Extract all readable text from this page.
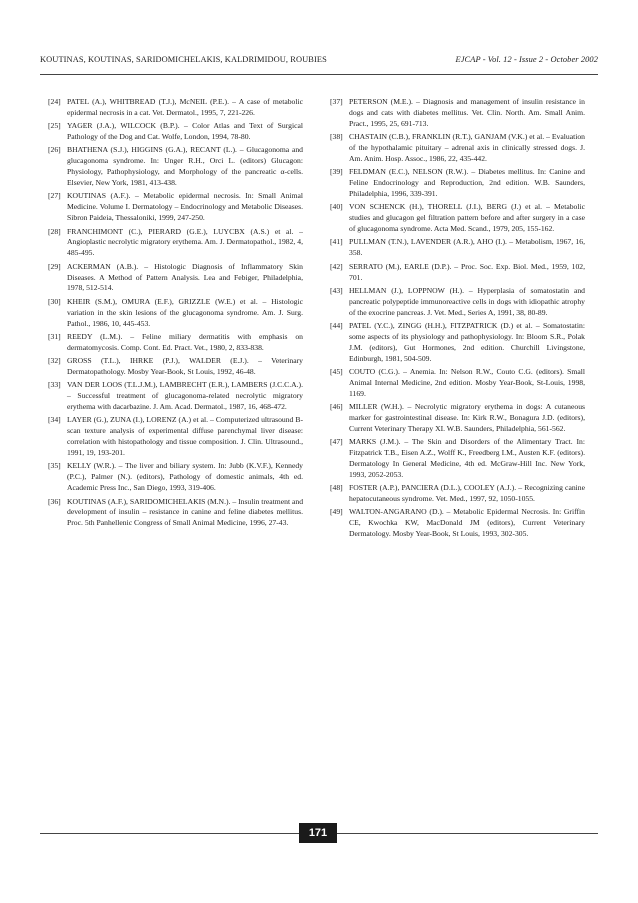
KOUTINAS, KOUTINAS, SARIDOMICHELAKIS, KALDRIMIDOU, ROUBIES	EJCAP - Vol. 12 - Issue 2 - October 2002
[24] PATEL (A.), WHITBREAD (T.J.), McNEIL (P.E.). – A case of metabolic epidermal necrosis in a cat. Vet. Dermatol., 1995, 7, 221-226.
[25] YAGER (J.A.), WILCOCK (B.P.). – Color Atlas and Text of Surgical Pathology of the Dog and Cat. Wolfe, London, 1994, 78-80.
[26] BHATHENA (S.J.), HIGGINS (G.A.), RECANT (L.). – Glucagonoma and glucagonoma syndrome. In: Unger R.H., Orci L. (editors) Glucagon: Physiology, Pathophysiology, and Morphology of the pancreatic α-cells. Elsevier, New York, 1981, 413-438.
[27] KOUTINAS (A.F.). – Metabolic epidermal necrosis. In: Small Animal Medicine. Volume I. Dermatology – Endocrinology and Metabolic Diseases. Sibron Paideia, Thessaloniki, 1999, 247-250.
[28] FRANCHIMONT (C.), PIERARD (G.E.), LUYCBX (A.S.) et al. – Angioplastic necrolytic migratory erythema. Am. J. Dermatopathol., 1982, 4, 485-495.
[29] ACKERMAN (A.B.). – Histologic Diagnosis of Inflammatory Skin Diseases. A Method of Pattern Analysis. Lea and Febiger, Philadelphia, 1978, 512-514.
[30] KHEIR (S.M.), OMURA (E.F.), GRIZZLE (W.E.) et al. – Histologic variation in the skin lesions of the glucagonoma syndrome. Am. J. Surg. Pathol., 1986, 10, 445-453.
[31] REEDY (L.M.). – Feline miliary dermatitis with emphasis on dermatomycosis. Comp. Cont. Ed. Pract. Vet., 1980, 2, 833-838.
[32] GROSS (T.L.), IHRKE (P.J.), WALDER (E.J.). – Veterinary Dermatopathology. Mosby Year-Book, St Louis, 1992, 46-48.
[33] VAN DER LOOS (T.L.J.M.), LAMBRECHT (E.R.), LAMBERS (J.C.C.A.). – Successful treatment of glucagonoma-related necrolytic migratory erythema with dacarbazine. J. Am. Acad. Dermatol., 1987, 16, 468-472.
[34] LAYER (G.), ZUNA (I.), LORENZ (A.) et al. – Computerized ultrasound B-scan texture analysis of experimental diffuse parenchymal liver disease: correlation with histopathology and tissue composition. J. Clin. Ultrasound., 1991, 19, 193-201.
[35] KELLY (W.R.). – The liver and biliary system. In: Jubb (K.V.F.), Kennedy (P.C.), Palmer (N.). (editors), Pathology of domestic animals, 4th ed. Academic Press Inc., San Diego, 1993, 319-406.
[36] KOUTINAS (A.F.), SARIDOMICHELAKIS (M.N.). – Insulin treatment and development of insulin – resistance in canine and feline diabetes mellitus. Proc. 5th Panhellenic Congress of Small Animal Medicine, 1996, 27-43.
[37] PETERSON (M.E.). – Diagnosis and management of insulin resistance in dogs and cats with diabetes mellitus. Vet. Clin. North. Am. Small Anim. Pract., 1995, 25, 691-713.
[38] CHASTAIN (C.B.), FRANKLIN (R.T.), GANJAM (V.K.) et al. – Evaluation of the hypothalamic pituitary – adrenal axis in clinically stressed dogs. J. Am. Anim. Hosp. Assoc., 1986, 22, 435-442.
[39] FELDMAN (E.C.), NELSON (R.W.). – Diabetes mellitus. In: Canine and Feline Endocrinology and Reproduction, 2nd edition. W.B. Saunders, Philadelphia, 1996, 339-391.
[40] VON SCHENCK (H.), THORELL (J.I.), BERG (J.) et al. – Metabolic studies and glucagon gel filtration pattern before and after surgery in a case of glucagonoma syndrome. Acta Med. Scand., 1979, 205, 155-162.
[41] PULLMAN (T.N.), LAVENDER (A.R.), AHO (I.). – Metabolism, 1967, 16, 358.
[42] SERRATO (M.), EARLE (D.P.). – Proc. Soc. Exp. Biol. Med., 1959, 102, 701.
[43] HELLMAN (J.), LOPPNOW (H.). – Hyperplasia of somatostatin and pancreatic polypeptide immunoreactive cells in dogs with idiopathic atrophy of the exocrine pancreas. J. Vet. Med., Series A, 1991, 38, 80-89.
[44] PATEL (Y.C.), ZINGG (H.H.), FITZPATRICK (D.) et al. – Somatostatin: some aspects of its physiology and pathophysiology. In: Bloom S.R., Polak J.M. (editors), Gut Hormones, 2nd edition. Churchill Livingstone, Edinburgh, 1981, 504-509.
[45] COUTO (C.G.). – Anemia. In: Nelson R.W., Couto C.G. (editors). Small Animal Internal Medicine, 2nd edition. Mosby Year-Book, St-Louis, 1998, 1169.
[46] MILLER (W.H.). – Necrolytic migratory erythema in dogs: A cutaneous marker for gastrointestinal disease. In: Kirk R.W., Bonagura J.D. (editors), Current Veterinary Therapy XI. W.B. Saunders, Philadelphia, 561-562.
[47] MARKS (J.M.). – The Skin and Disorders of the Alimentary Tract. In: Fitzpatrick T.B., Eisen A.Z., Wolff K., Freedberg I.M., Austen K.F. (editors). Dermatology In General Medicine, 4th ed. McGraw-Hill Inc. New York, 1993, 2052-2053.
[48] FOSTER (A.P.), PANCIERA (D.L.), COOLEY (A.J.). – Recognizing canine hepatocutaneous syndrome. Vet. Med., 1997, 92, 1050-1055.
[49] WALTON-ANGARANO (D.). – Metabolic Epidermal Necrosis. In: Griffin CE, Kwochka KW, MacDonald JM (editors), Current Veterinary Dermatology. Mosby Year-Book, St Louis, 1993, 302-305.
171
